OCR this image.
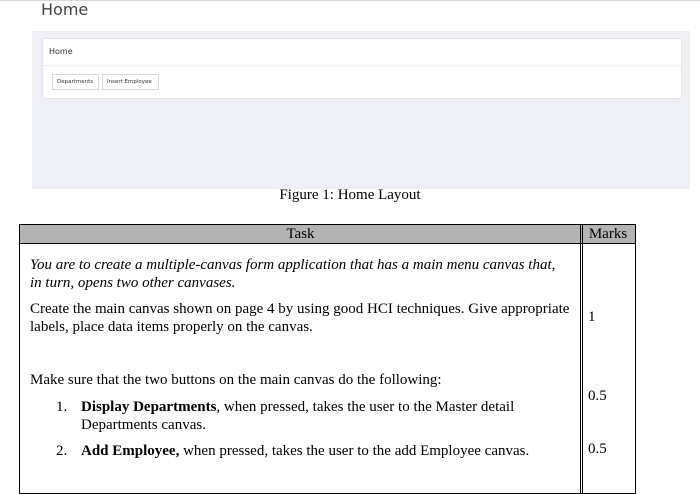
Home
Home
Departments	Insert Employee
Figure 1: Home Layout
Task	Marks
You are to create a multiple-canvas form application that has a main menu canvas that, in turn, opens two other canvases.
Create the main canvas shown on page 4 by using good HCI techniques. Give appropriate labels, place data items properly on the canvas.
Make sure that the two buttons on the main canvas do the following:
1. Display Departments, when pressed, takes the user to the Master detail Departments canvas.
2. Add Employee, when pressed, takes the user to the add Employee canvas.
1
0.5
0.5
